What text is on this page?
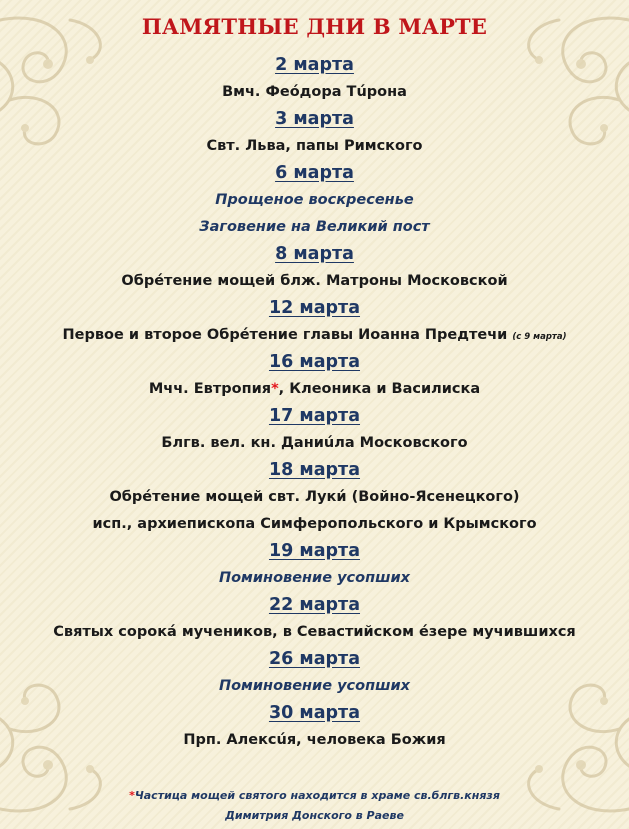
ПАМЯТНЫЕ ДНИ В МАРТЕ
2 марта
Вмч. Феóдора Тúрона
3 марта
Свт. Льва, папы Римского
6 марта
Прощеное воскресенье
Заговение на Великий пост
8 марта
Обре́тение мощей блж. Матроны Московской
12 марта
Первое и второе Обре́тение главы Иоанна Предтечи (с 9 марта)
16 марта
Мчч. Евтропия*, Клеоника и Василиска
17 марта
Блгв. вел. кн. Даниúла Московского
18 марта
Обре́тение мощей свт. Луки́ (Войно-Ясенецкого)
исп., архиепископа Симферопольского и Крымского
19 марта
Поминовение усопших
22 марта
Святых сорокá мучеников, в Севастийском éзере мучившихся
26 марта
Поминовение усопших
30 марта
Прп. Алексúя, человека Божия
*Частица мощей святого находится в храме св.блгв.князя
Димитрия Донского в Раеве
